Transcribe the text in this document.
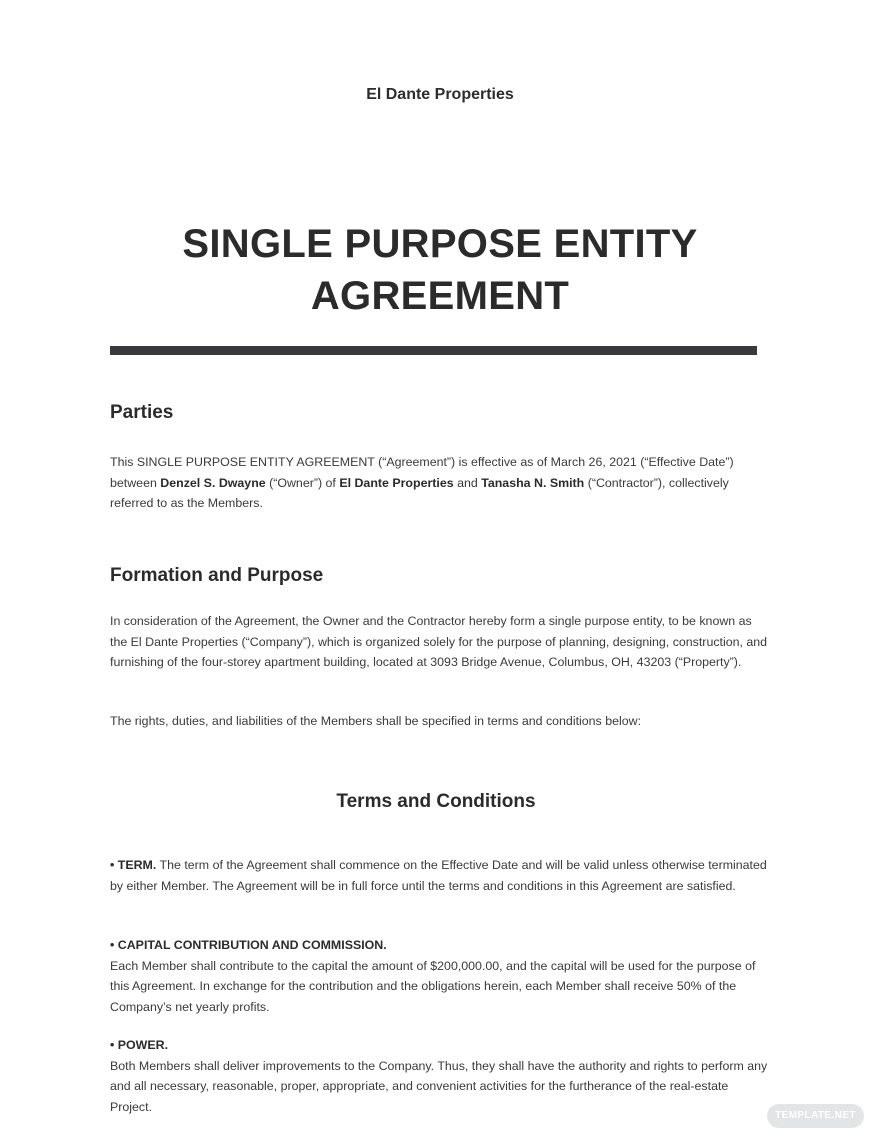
El Dante Properties
SINGLE PURPOSE ENTITY
AGREEMENT
Parties
This SINGLE PURPOSE ENTITY AGREEMENT (“Agreement”) is effective as of March 26, 2021 (“Effective Date”) between Denzel S. Dwayne (“Owner”) of El Dante Properties and Tanasha N. Smith (“Contractor”), collectively referred to as the Members.
Formation and Purpose
In consideration of the Agreement, the Owner and the Contractor hereby form a single purpose entity, to be known as the El Dante Properties (“Company”), which is organized solely for the purpose of planning, designing, construction, and furnishing of the four-storey apartment building, located at 3093 Bridge Avenue, Columbus, OH, 43203 (“Property”).
The rights, duties, and liabilities of the Members shall be specified in terms and conditions below:
Terms and Conditions
• TERM. The term of the Agreement shall commence on the Effective Date and will be valid unless otherwise terminated by either Member. The Agreement will be in full force until the terms and conditions in this Agreement are satisfied.
• CAPITAL CONTRIBUTION AND COMMISSION.
Each Member shall contribute to the capital the amount of $200,000.00, and the capital will be used for the purpose of this Agreement. In exchange for the contribution and the obligations herein, each Member shall receive 50% of the Company’s net yearly profits.
• POWER.
Both Members shall deliver improvements to the Company. Thus, they shall have the authority and rights to perform any and all necessary, reasonable, proper, appropriate, and convenient activities for the furtherance of the real-estate Project.
TEMPLATE.NET
